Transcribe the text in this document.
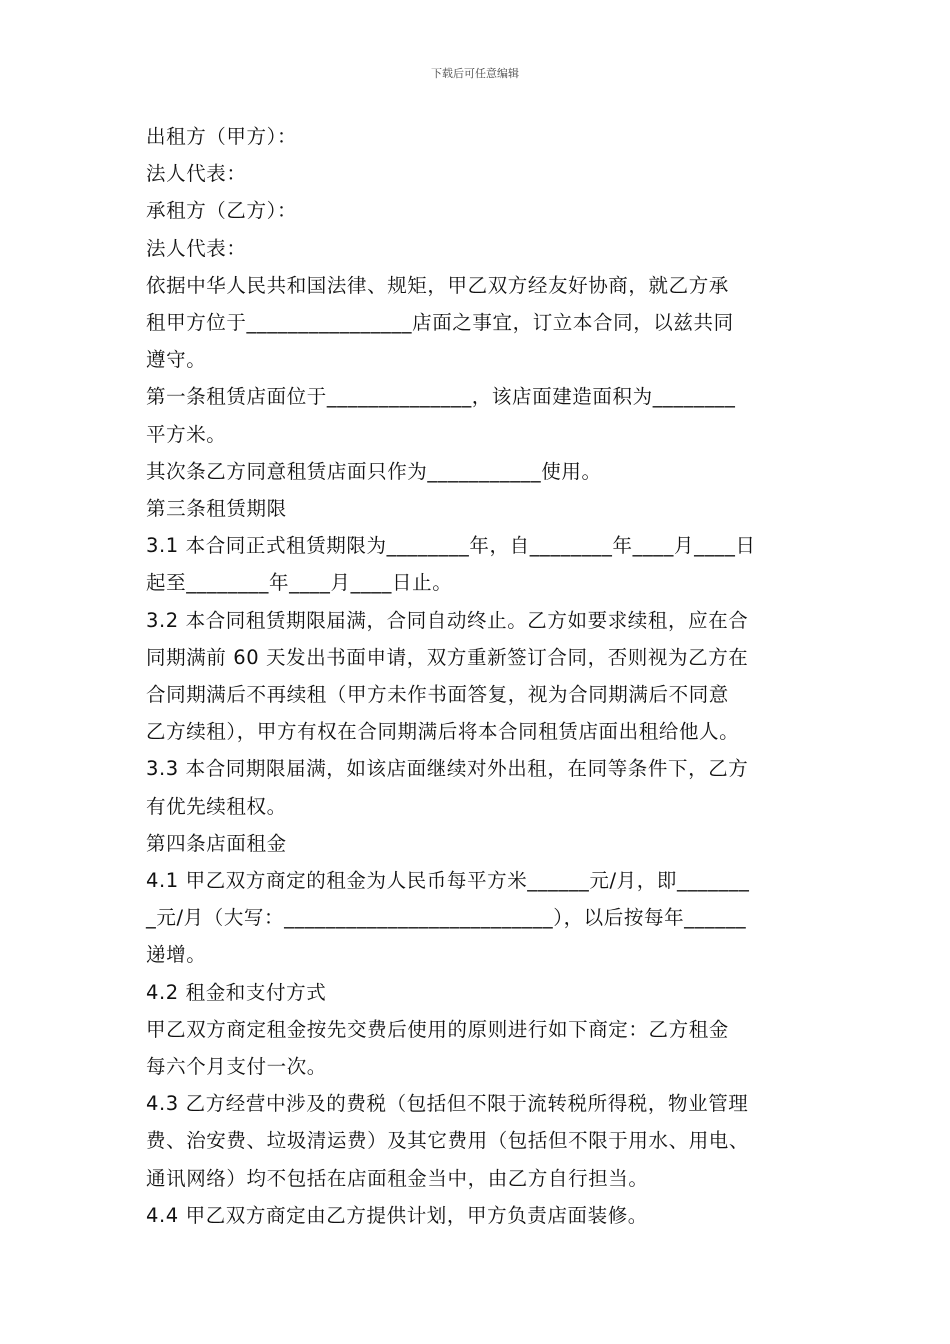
下载后可任意编辑

出租方（甲方）：

法人代表：

承租方（乙方）：

法人代表：

依据中华人民共和国法律、规矩，甲乙双方经友好协商，就乙方承

租甲方位于________________店面之事宜，订立本合同，以兹共同

遵守。

第一条租赁店面位于______________，该店面建造面积为________

平方米。

其次条乙方同意租赁店面只作为___________使用。

第三条租赁期限

3.1 本合同正式租赁期限为________年，自________年____月____日

起至________年____月____日止。

3.2 本合同租赁期限届满，合同自动终止。乙方如要求续租，应在合

同期满前 60 天发出书面申请，双方重新签订合同，否则视为乙方在

合同期满后不再续租（甲方未作书面答复，视为合同期满后不同意

乙方续租），甲方有权在合同期满后将本合同租赁店面出租给他人。

3.3 本合同期限届满，如该店面继续对外出租，在同等条件下，乙方

有优先续租权。

第四条店面租金

4.1 甲乙双方商定的租金为人民币每平方米______元/月，即_______

_元/月（大写：__________________________），以后按每年______

递增。

4.2 租金和支付方式

甲乙双方商定租金按先交费后使用的原则进行如下商定：乙方租金

每六个月支付一次。

4.3 乙方经营中涉及的费税（包括但不限于流转税所得税，物业管理

费、治安费、垃圾清运费）及其它费用（包括但不限于用水、用电、

通讯网络）均不包括在店面租金当中，由乙方自行担当。

4.4 甲乙双方商定由乙方提供计划，甲方负责店面装修。
